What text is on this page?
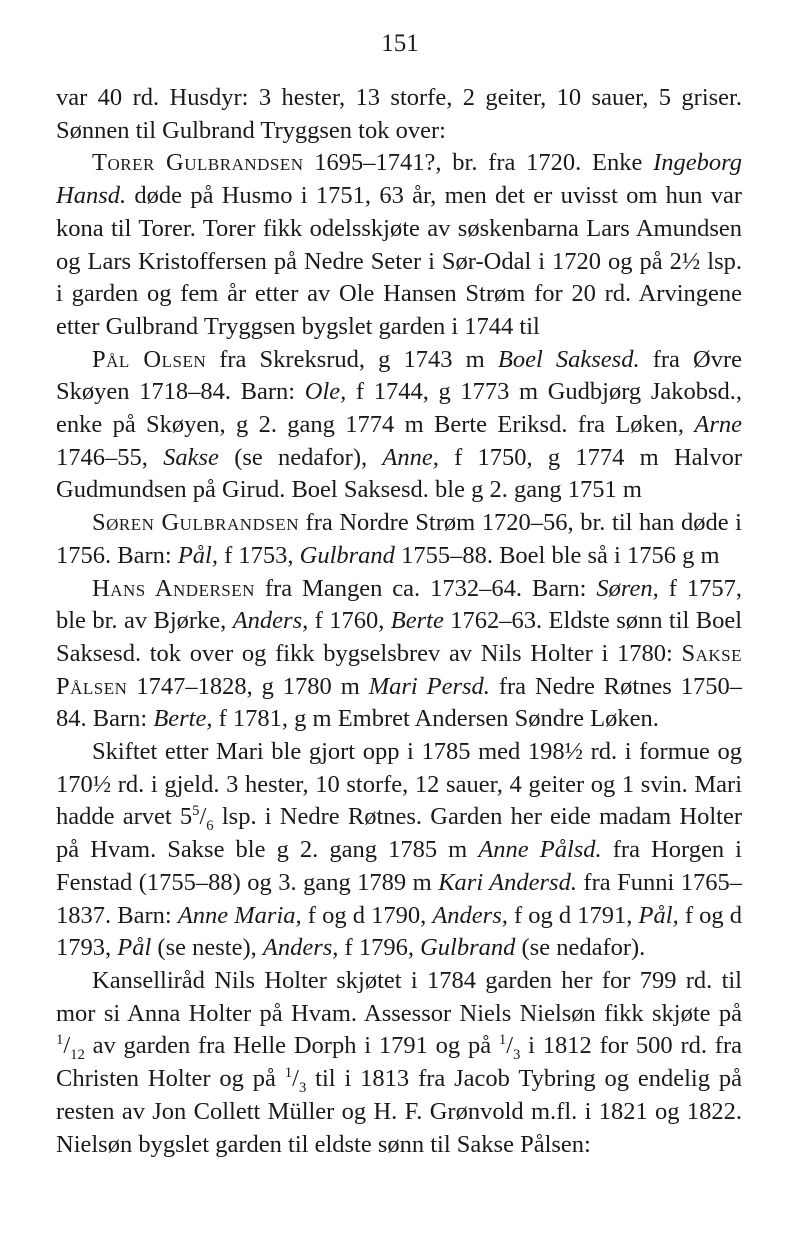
151

var 40 rd. Husdyr: 3 hester, 13 storfe, 2 geiter, 10 sauer, 5 griser. Sønnen til Gulbrand Tryggsen tok over:

Torer Gulbrandsen 1695–1741?, br. fra 1720. Enke Ingeborg Hansd. døde på Husmo i 1751, 63 år, men det er uvisst om hun var kona til Torer. Torer fikk odelsskjøte av søskenbarna Lars Amundsen og Lars Kristoffersen på Nedre Seter i Sør-Odal i 1720 og på 2½ lsp. i garden og fem år etter av Ole Hansen Strøm for 20 rd. Arvingene etter Gulbrand Tryggsen bygslet garden i 1744 til

Pål Olsen fra Skreksrud, g 1743 m Boel Saksesd. fra Øvre Skøyen 1718–84. Barn: Ole, f 1744, g 1773 m Gudbjørg Jakobsd., enke på Skøyen, g 2. gang 1774 m Berte Eriksd. fra Løken, Arne 1746–55, Sakse (se nedafor), Anne, f 1750, g 1774 m Halvor Gudmundsen på Girud. Boel Saksesd. ble g 2. gang 1751 m

Søren Gulbrandsen fra Nordre Strøm 1720–56, br. til han døde i 1756. Barn: Pål, f 1753, Gulbrand 1755–88. Boel ble så i 1756 g m

Hans Andersen fra Mangen ca. 1732–64. Barn: Søren, f 1757, ble br. av Bjørke, Anders, f 1760, Berte 1762–63. Eldste sønn til Boel Saksesd. tok over og fikk bygselsbrev av Nils Holter i 1780: Sakse Pålsen 1747–1828, g 1780 m Mari Persd. fra Nedre Røtnes 1750–84. Barn: Berte, f 1781, g m Embret Andersen Søndre Løken.

Skiftet etter Mari ble gjort opp i 1785 med 198½ rd. i formue og 170½ rd. i gjeld. 3 hester, 10 storfe, 12 sauer, 4 geiter og 1 svin. Mari hadde arvet $5^5/_6$ lsp. i Nedre Røtnes. Garden her eide madam Holter på Hvam. Sakse ble g 2. gang 1785 m Anne Pålsd. fra Horgen i Fenstad (1755–88) og 3. gang 1789 m Kari Andersd. fra Funni 1765–1837. Barn: Anne Maria, f og d 1790, Anders, f og d 1791, Pål, f og d 1793, Pål (se neste), Anders, f 1796, Gulbrand (se nedafor).

Kanselliråd Nils Holter skjøtet i 1784 garden her for 799 rd. til mor si Anna Holter på Hvam. Assessor Niels Nielsøn fikk skjøte på $^1/_{12}$ av garden fra Helle Dorph i 1791 og på $^1/_3$ i 1812 for 500 rd. fra Christen Holter og på $^1/_3$ til i 1813 fra Jacob Tybring og endelig på resten av Jon Collett Müller og H. F. Grønvold m.fl. i 1821 og 1822. Nielsøn bygslet garden til eldste sønn til Sakse Pålsen:
